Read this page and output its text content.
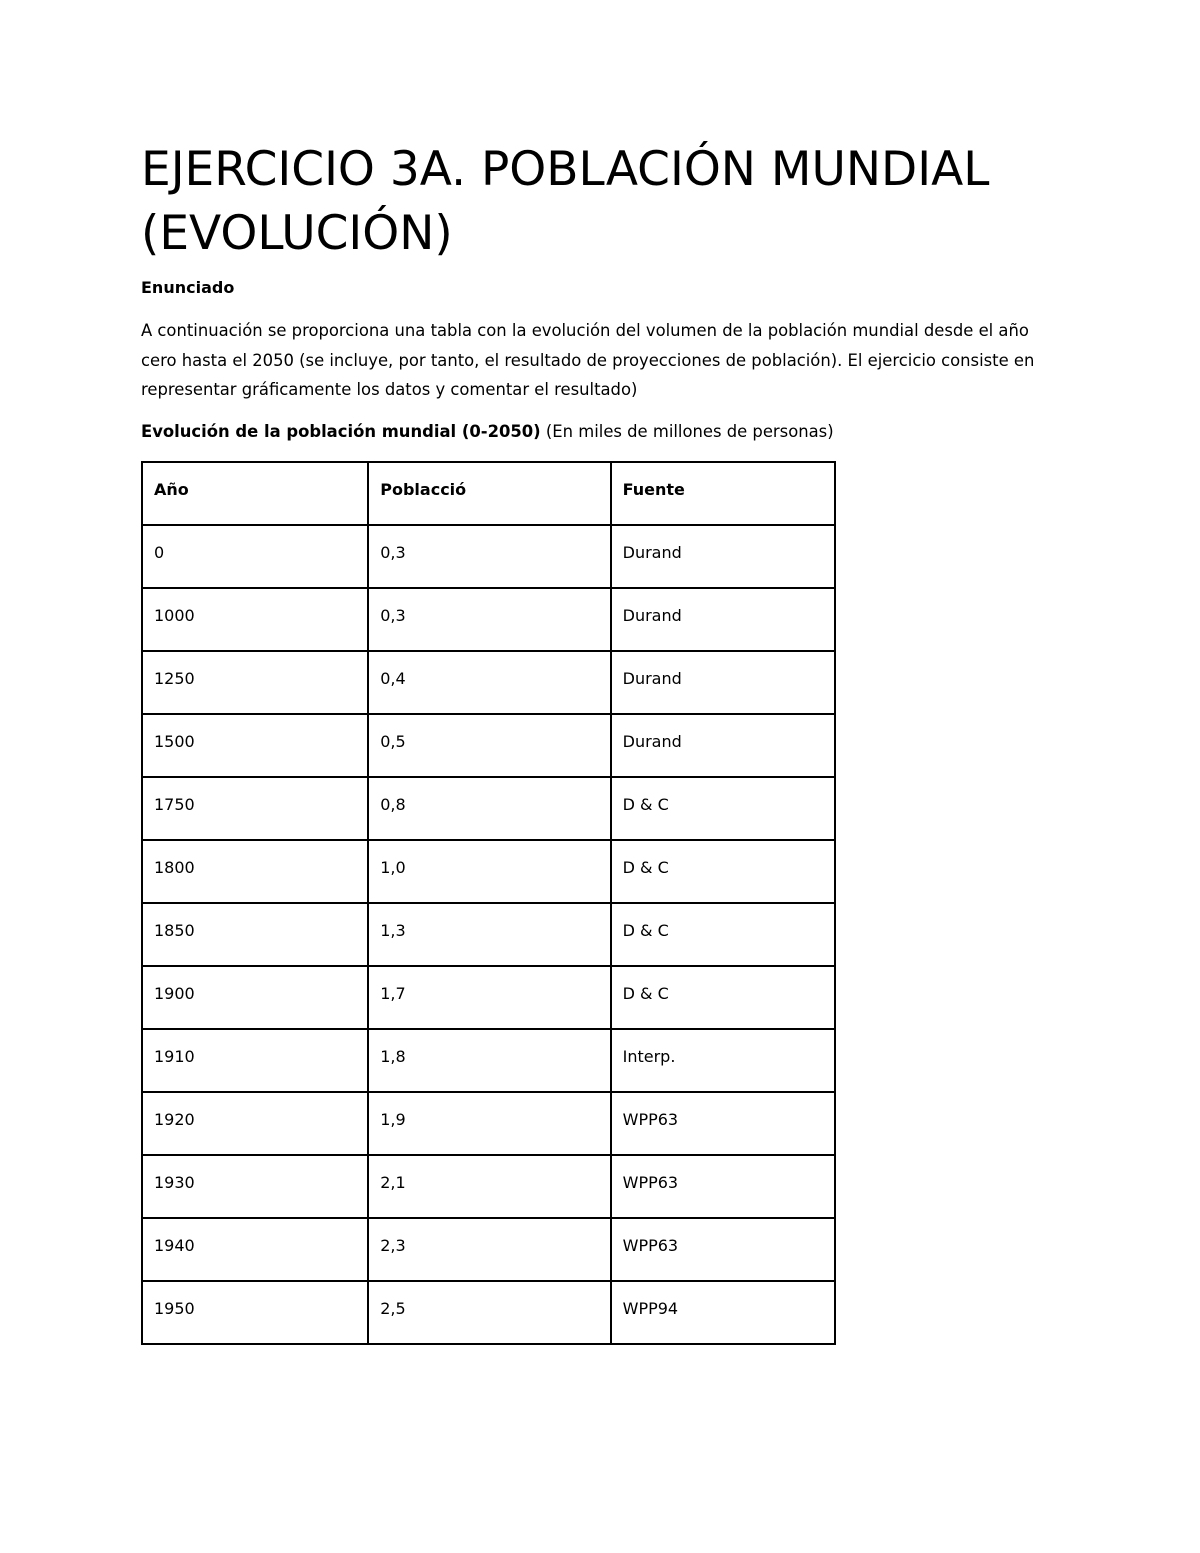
EJERCICIO 3A. POBLACIÓN MUNDIAL
(EVOLUCIÓN)
Enunciado

A continuación se proporciona una tabla con la evolución del volumen de la población mundial desde el año cero hasta el 2050 (se incluye, por tanto, el resultado de proyecciones de población). El ejercicio consiste en representar gráficamente los datos y comentar el resultado)

Evolución de la población mundial (0-2050) (En miles de millones de personas)
Año	Poblacció	Fuente

0	0,3	Durand

1000	0,3	Durand

1250	0,4	Durand

1500	0,5	Durand

1750	0,8	D & C

1800	1,0	D & C

1850	1,3	D & C

1900	1,7	D & C

1910	1,8	Interp.

1920	1,9	WPP63

1930	2,1	WPP63

1940	2,3	WPP63

1950	2,5	WPP94
